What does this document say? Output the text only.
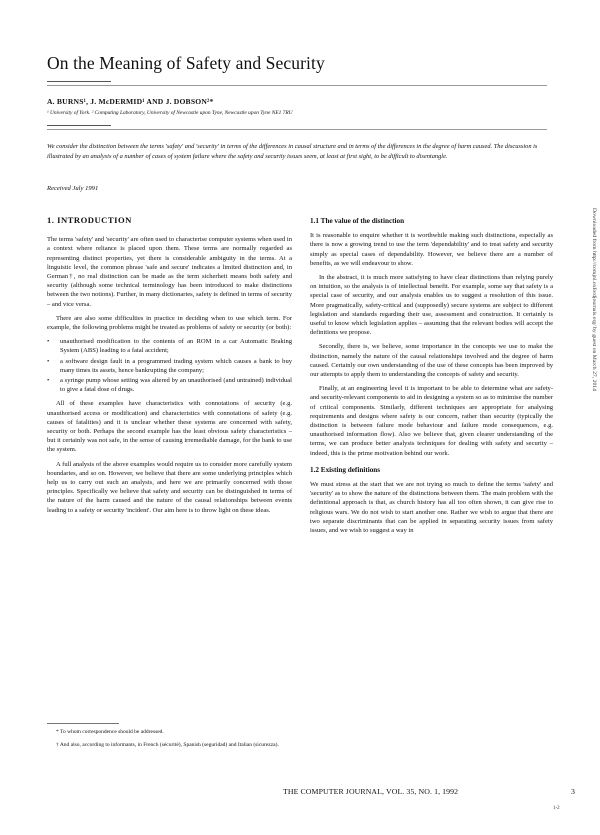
On the Meaning of Safety and Security
A. BURNS¹, J. McDERMID¹ AND J. DOBSON²*
¹ University of York. ² Computing Laboratory, University of Newcastle upon Tyne, Newcastle upon Tyne NE1 7RU
We consider the distinction between the terms 'safety' and 'security' in terms of the differences in causal structure and in terms of the differences in the degree of harm caused. The discussion is illustrated by an analysis of a number of cases of system failure where the safety and security issues seem, at least at first sight, to be difficult to disentangle.
Received July 1991
1. INTRODUCTION

The terms 'safety' and 'security' are often used to characterise computer systems when used in a context where reliance is placed upon them. These terms are normally regarded as representing distinct properties, yet there is considerable ambiguity in the terms. At a linguistic level, the common phrase 'safe and secure' indicates a limited distinction and, in German†, no real distinction can be made as the term sicherheit means both safety and security (although some technical terminology has been introduced to make distinctions between the two notions). Further, in many dictionaries, safety is defined in terms of security – and vice versa.

There are also some difficulties in practice in deciding when to use which term. For example, the following problems might be treated as problems of safety or security (or both):

• unauthorised modification to the contents of an ROM in a car Automatic Braking System (ABS) leading to a fatal accident;
• a software design fault in a programmed trading system which causes a bank to buy many times its assets, hence bankrupting the company;
• a syringe pump whose setting was altered by an unauthorised (and untrained) individual to give a fatal dose of drugs.

All of these examples have characteristics with connotations of security (e.g. unauthorised access or modification) and characteristics with connotations of safety (e.g. causes of fatalities) and it is unclear whether these systems are concerned with safety, security or both. Perhaps the second example has the least obvious safety characteristics – but it certainly was not safe, in the sense of causing irremediable damage, for the bank to use the system.

A full analysis of the above examples would require us to consider more carefully system boundaries, and so on. However, we believe that there are some underlying principles which help us to carry out such an analysis, and here we are primarily concerned with those principles. Specifically we believe that safety and security can be distinguished in terms of the nature of the harm caused and the nature of the causal relationships between events leading to a safety or security 'incident'. Our aim here is to throw light on these ideas.

* To whom correspondence should be addressed.

† And also, according to informants, in French (sécurité), Spanish (seguridad) and Italian (sicurezza).

1.1 The value of the distinction

It is reasonable to enquire whether it is worthwhile making such distinctions, especially as there is now a growing trend to use the term 'dependability' and to treat safety and security simply as special cases of dependability. However, we believe there are a number of benefits, as we will endeavour to show.

In the abstract, it is much more satisfying to have clear distinctions than relying purely on intuition, so the analysis is of intellectual benefit. For example, some say that safety is a special case of security, and our analysis enables us to suggest a resolution of this issue. More pragmatically, safety-critical and (supposedly) secure systems are subject to different legislation and standards regarding their use, assessment and construction. It certainly is useful to know which legislation applies – assuming that the relevant bodies will accept the definitions we propose.

Secondly, there is, we believe, some importance in the concepts we use to make the distinction, namely the nature of the causal relationships involved and the degree of harm caused. Certainly our own understanding of the use of these concepts has been improved by our attempts to apply them to understanding the concepts of safety and security.

Finally, at an engineering level it is important to be able to determine what are safety- and security-relevant components to aid in designing a system so as to minimise the number of critical components. Similarly, different techniques are appropriate for analysing requirements and designs where safety is our concern, rather than security (typically the distinction is between failure mode behaviour and failure mode consequences, e.g. unauthorised information flow). Also we believe that, given clearer understanding of the terms, we can produce better analysis techniques for dealing with safety and security – indeed, this is the prime motivation behind our work.

1.2 Existing definitions

We must stress at the start that we are not trying so much to define the terms 'safety' and 'security' as to show the nature of the distinctions between them. The main problem with the definitional approach is that, as church history has all too often shown, it can give rise to religious wars. We do not wish to start another one. Rather we wish to argue that there are two separate discriminants that can be applied in separating security issues from safety issues, and we wish to suggest a way in

THE COMPUTER JOURNAL, VOL. 35, NO. 1, 1992	3
1-2
Downloaded from http://comjnl.oxfordjournals.org/ by guest on March 27, 2014
